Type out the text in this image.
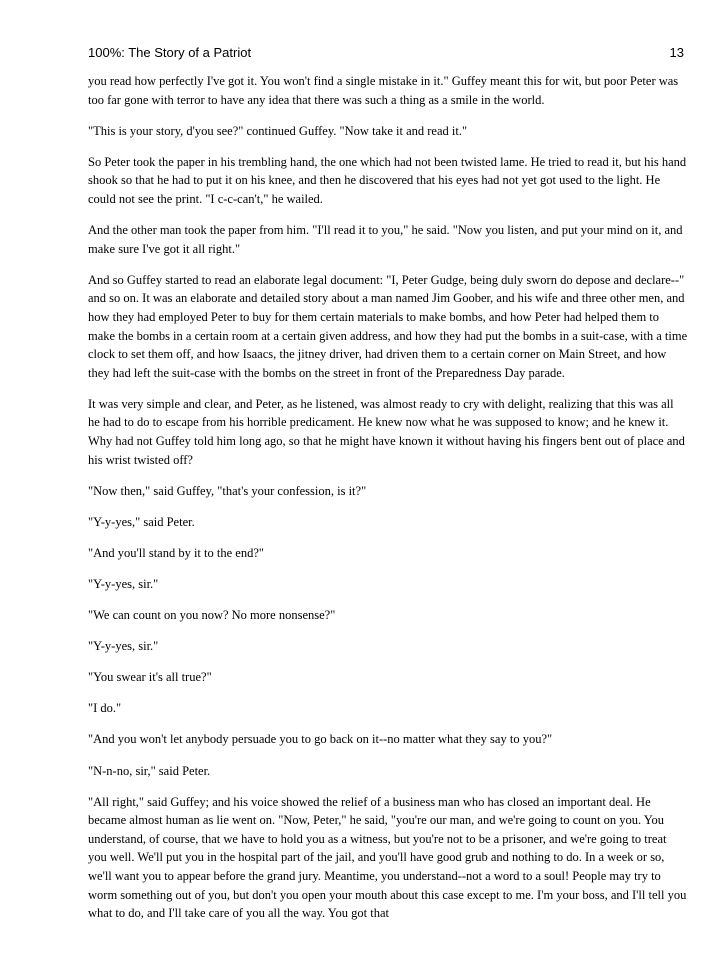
100%: The Story of a Patriot	13

you read how perfectly I've got it. You won't find a single mistake in it." Guffey meant this for wit, but poor Peter was too far gone with terror to have any idea that there was such a thing as a smile in the world.

"This is your story, d'you see?" continued Guffey. "Now take it and read it."

So Peter took the paper in his trembling hand, the one which had not been twisted lame. He tried to read it, but his hand shook so that he had to put it on his knee, and then he discovered that his eyes had not yet got used to the light. He could not see the print. "I c-c-can't," he wailed.

And the other man took the paper from him. "I'll read it to you," he said. "Now you listen, and put your mind on it, and make sure I've got it all right."

And so Guffey started to read an elaborate legal document: "I, Peter Gudge, being duly sworn do depose and declare--" and so on. It was an elaborate and detailed story about a man named Jim Goober, and his wife and three other men, and how they had employed Peter to buy for them certain materials to make bombs, and how Peter had helped them to make the bombs in a certain room at a certain given address, and how they had put the bombs in a suit-case, with a time clock to set them off, and how Isaacs, the jitney driver, had driven them to a certain corner on Main Street, and how they had left the suit-case with the bombs on the street in front of the Preparedness Day parade.

It was very simple and clear, and Peter, as he listened, was almost ready to cry with delight, realizing that this was all he had to do to escape from his horrible predicament. He knew now what he was supposed to know; and he knew it. Why had not Guffey told him long ago, so that he might have known it without having his fingers bent out of place and his wrist twisted off?

"Now then," said Guffey, "that's your confession, is it?"

"Y-y-yes," said Peter.

"And you'll stand by it to the end?"

"Y-y-yes, sir."

"We can count on you now? No more nonsense?"

"Y-y-yes, sir."

"You swear it's all true?"

"I do."

"And you won't let anybody persuade you to go back on it--no matter what they say to you?"

"N-n-no, sir," said Peter.

"All right," said Guffey; and his voice showed the relief of a business man who has closed an important deal. He became almost human as lie went on. "Now, Peter," he said, "you're our man, and we're going to count on you. You understand, of course, that we have to hold you as a witness, but you're not to be a prisoner, and we're going to treat you well. We'll put you in the hospital part of the jail, and you'll have good grub and nothing to do. In a week or so, we'll want you to appear before the grand jury. Meantime, you understand--not a word to a soul! People may try to worm something out of you, but don't you open your mouth about this case except to me. I'm your boss, and I'll tell you what to do, and I'll take care of you all the way. You got that
